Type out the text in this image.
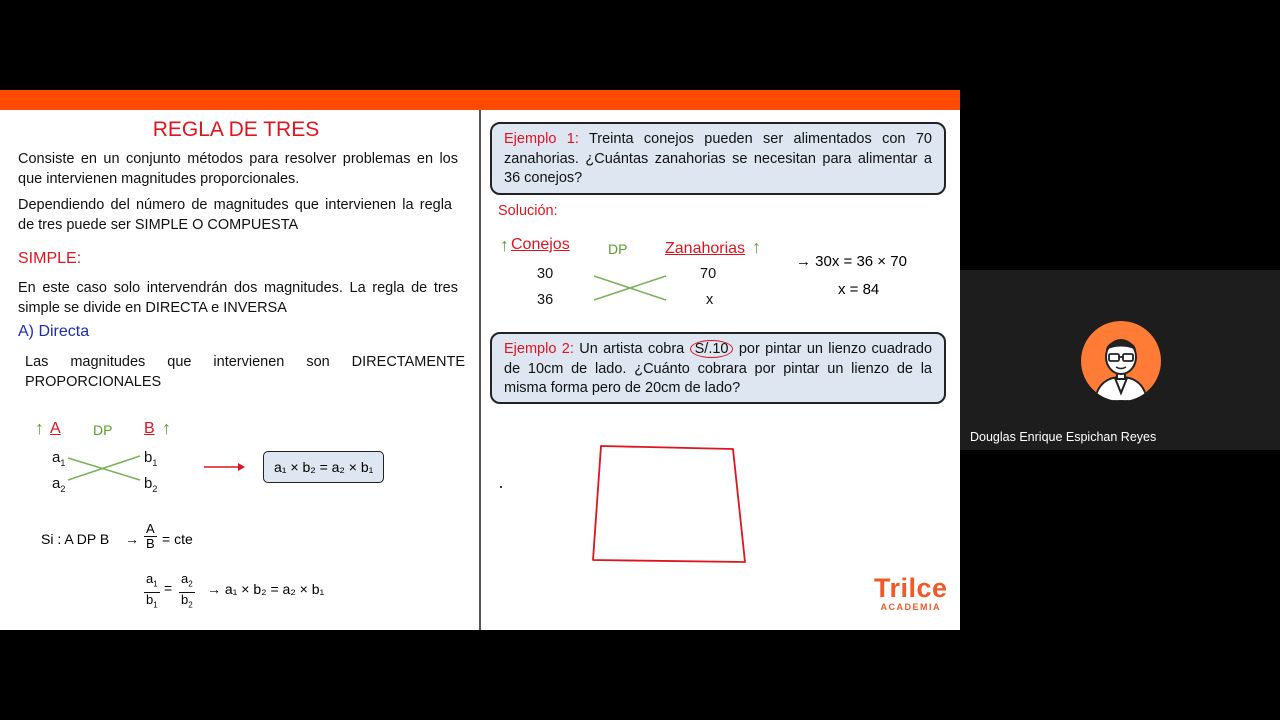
REGLA DE TRES
Consiste en un conjunto métodos para resolver problemas en los que intervienen magnitudes proporcionales.
Dependiendo del número de magnitudes que intervienen la regla de tres puede ser SIMPLE O COMPUESTA
SIMPLE:
En este caso solo intervendrán dos magnitudes. La regla de tres simple se divide en DIRECTA e INVERSA
A) Directa
Las magnitudes que intervienen son DIRECTAMENTE PROPORCIONALES
↑ A DP B ↑
$a_1$
$a_2$
$b_1$
$b_2$
a₁ × b₂ = a₂ × b₁
Si : A DP $B \to \frac{A}{B}$ = cte
$\frac{a_1}{b_1} = \frac{a_2}{b_2} \to a_1 \times b_2 = a_2 \times b_1$
Ejemplo 1: Treinta conejos pueden ser alimentados con 70 zanahorias. ¿Cuántas zanahorias se necesitan para alimentar a 36 conejos?
Solución:
↑ Conejos	DP Zanahorias ↑
30
36
70
x
→ 30x = 36 × 70
x = 84
Ejemplo 2: Un artista cobra S/.10 por pintar un lienzo cuadrado de 10cm de lado. ¿Cuánto cobrara por pintar un lienzo de la misma forma pero de 20cm de lado?
Trilce
ACADEMIA
Douglas Enrique Espichan Reyes
